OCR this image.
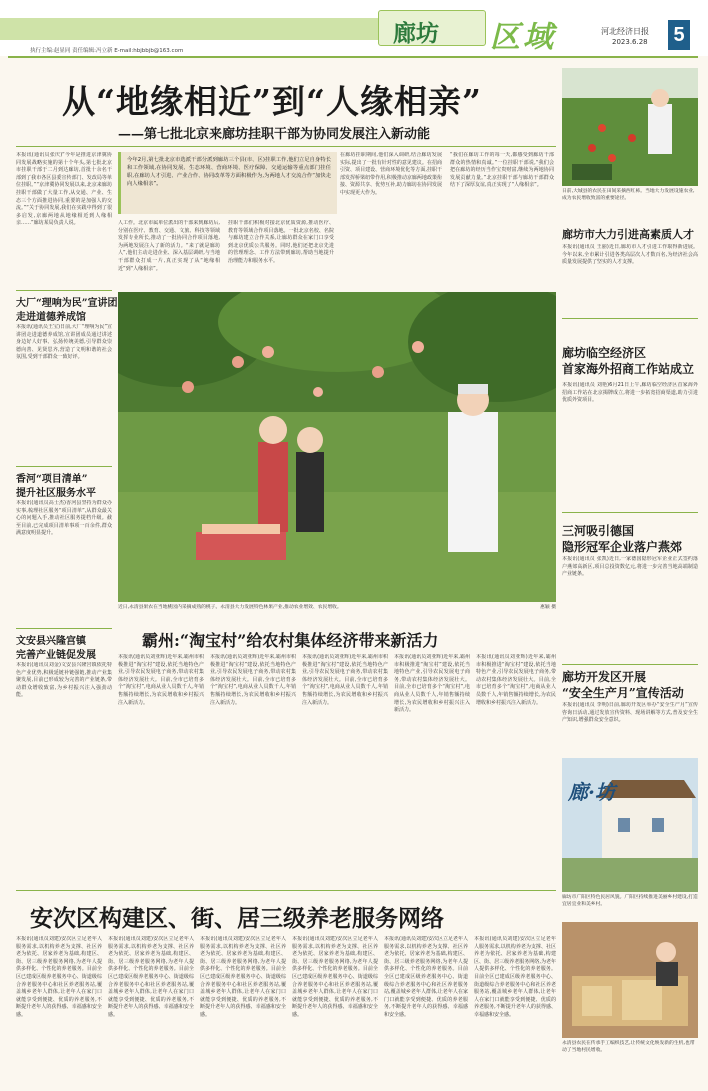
廊坊 区域	河北经济日报
2023.6.28 5
执行主编:赵显同 责任编辑:冯立新 E-mail:hbjbbjb@163.com
从“地缘相近”到“人缘相亲”
——第七批北京来廊坊挂职干部为协同发展注入新动能
本报讯(通讯员张庆)“今年是推进京津冀协同发展战略实施的第十个年头,第七批北京市挂职干部于二月到达廊坊,首批十余名干部到了我市各区县委宣传部门、发改局等单位挂职。”“京津冀协同发展以来,北京来廊坊挂职干部做了大量工作,从交通、产业、生态三个方面推进协同,重要的是加强人的交流。”“关于协同发展,我们在实践中得到了很多启发,京廊两地从地缘相近到人缘相亲……”廊坊某局负责人说。
今年2月,第七批北京市选派干部分派到廊坊三个县(市、区)挂职工作,他们立足自身特长和工作领域,在协同发展、生态环境、营商环境、医疗保障、交通运输等重点部门挂任职,在廊坊人才引进、产业合作、协同改革等方面积极作为,为两地人才交流合作“加快走向人缘相亲”。
人工作。北京市属单位派出的干部来到廊坊后,分别在医疗、教育、交通、文旅、科技等领域发挥专业所长,推动了一批协同合作项目落地,为两地发展注入了新的活力。“来了就是廊坊人”,他们主动走进企业、深入基层调研,与当地干部群众打成一片,真正实现了从“地缘相近”到“人缘相亲”。
挂职干部们积极对接北京优质资源,推动医疗、教育等领域合作项目落地。一批北京名校、名院与廊坊建立合作关系,让廊坊群众在家门口享受到北京优质公共服务。同时,他们还把北京先进的管理理念、工作方法带到廊坊,帮助当地提升治理能力和服务水平。
在廊坊挂职期间,他们深入调研,结合廊坊发展实际,提出了一批有针对性的意见建议。在招商引资、项目建设、营商环境优化等方面,挂职干部发挥桥梁纽带作用,积极推动京廊两地政策衔接、资源共享、优势互补,助力廊坊在协同发展中实现更大作为。
“我们在廊坊工作的每一天,都感受到廊坊干部群众的热情和真诚。”一位挂职干部说,“我们会把在廊坊的经历当作宝贵财富,继续为两地协同发展贡献力量。”北京挂职干部与廊坊干部群众结下了深厚友谊,真正实现了“人缘相亲”。
大厂“理响为民”宣讲团
走进道德养成馆
本报讯(通讯员王宝)日前,大厂“理响为民”宣讲团走进道德养成馆,宣讲团成员通过讲述身边好人好事、弘扬传统美德,引导群众崇德向善、见贤思齐,营造了文明和谐的社会氛围,受到干部群众一致好评。
香河“项目清单”
提升社区服务水平
本报讯(通讯员高士杰)香河县坚持为群众办实事,梳理社区服务“项目清单”,从群众最关心的问题入手,推动社区服务提档升级。截至目前,已完成项目清单事项一百余件,群众满意度明显提升。
文安县兴隆宫镇
完善产业链促发展
本报讯(通讯员刘金)文安县兴隆宫镇依托特色产业优势,积极延链补链强链,推动产业集聚发展,目前已形成较为完善的产业链条,带动群众增收致富,为乡村振兴注入强劲动能。
近日,永清县果农在当地桃园内采摘成熟的桃子。永清县大力发展特色林果产业,推动农业增效、农民增收。	惠颖 摄
霸州:“淘宝村”给农村集体经济带来新活力
本报讯(通讯员刘亚辉)近年来,霸州市积极推进“淘宝村”建设,依托当地特色产业,引导农民发展电子商务,带动农村集体经济发展壮大。目前,全市已培育多个“淘宝村”,电商从业人员数千人,年销售额持续增长,为农民增收和乡村振兴注入新活力。
本报讯(通讯员刘亚辉)近年来,霸州市积极推进“淘宝村”建设,依托当地特色产业,引导农民发展电子商务,带动农村集体经济发展壮大。目前,全市已培育多个“淘宝村”,电商从业人员数千人,年销售额持续增长,为农民增收和乡村振兴注入新活力。
本报讯(通讯员刘亚辉)近年来,霸州市积极推进“淘宝村”建设,依托当地特色产业,引导农民发展电子商务,带动农村集体经济发展壮大。目前,全市已培育多个“淘宝村”,电商从业人员数千人,年销售额持续增长,为农民增收和乡村振兴注入新活力。
本报讯(通讯员刘亚辉)近年来,霸州市积极推进“淘宝村”建设,依托当地特色产业,引导农民发展电子商务,带动农村集体经济发展壮大。目前,全市已培育多个“淘宝村”,电商从业人员数千人,年销售额持续增长,为农民增收和乡村振兴注入新活力。
本报讯(通讯员刘亚辉)近年来,霸州市积极推进“淘宝村”建设,依托当地特色产业,引导农民发展电子商务,带动农村集体经济发展壮大。目前,全市已培育多个“淘宝村”,电商从业人员数千人,年销售额持续增长,为农民增收和乡村振兴注入新活力。
日前,大城县的农民在田间采摘西红柿。当地大力发展设施农业,成为农民增收致富的重要途径。
廊坊市大力引进高素质人才
本报讯(通讯员 王丽)近日,廊坊市人才引进工作取得新进展。今年以来,全市累计引进各类高层次人才数百名,为经济社会高质量发展提供了坚实的人才支撑。
廊坊临空经济区
首家海外招商工作站成立
本报讯(通讯员 刘艳)6月21日上午,廊坊临空经济区首家海外招商工作站在北京揭牌成立,将进一步拓宽招商渠道,助力引进优质外资项目。
三河吸引德国
隐形冠军企业落户燕郊
本报讯(通讯员 张凯)近日,一家德国隐形冠军企业正式签约落户燕郊高新区,项目总投资数亿元,将进一步完善当地高端制造产业链条。
廊坊开发区开展
“安全生产月”宣传活动
本报讯(通讯员 李明)日前,廊坊开发区举办“安全生产月”宣传咨询日活动,通过发放宣传资料、现场讲解等方式,普及安全生产知识,增强群众安全意识。
廊·坊
廊坊市广阳区特色民居风貌。广阳区持续推进美丽乡村建设,打造宜居宜业和美乡村。
永清县农民在传承手工编织技艺,让传统文化焕发新的生机,也带动了当地村民增收。
安次区构建区、街、居三级养老服务网络
本报讯(通讯员刘建)安次区立足老年人服务需求,以机构养老为支撑、社区养老为依托、居家养老为基础,构建区、街、居三级养老服务网络,为老年人提供多样化、个性化的养老服务。目前全区已建成区级养老服务中心、街道级综合养老服务中心和社区养老服务站,覆盖城乡老年人群体,让老年人在家门口就能享受到便捷、优质的养老服务,不断提升老年人的获得感、幸福感和安全感。
本报讯(通讯员刘建)安次区立足老年人服务需求,以机构养老为支撑、社区养老为依托、居家养老为基础,构建区、街、居三级养老服务网络,为老年人提供多样化、个性化的养老服务。目前全区已建成区级养老服务中心、街道级综合养老服务中心和社区养老服务站,覆盖城乡老年人群体,让老年人在家门口就能享受到便捷、优质的养老服务,不断提升老年人的获得感、幸福感和安全感。
本报讯(通讯员刘建)安次区立足老年人服务需求,以机构养老为支撑、社区养老为依托、居家养老为基础,构建区、街、居三级养老服务网络,为老年人提供多样化、个性化的养老服务。目前全区已建成区级养老服务中心、街道级综合养老服务中心和社区养老服务站,覆盖城乡老年人群体,让老年人在家门口就能享受到便捷、优质的养老服务,不断提升老年人的获得感、幸福感和安全感。
本报讯(通讯员刘建)安次区立足老年人服务需求,以机构养老为支撑、社区养老为依托、居家养老为基础,构建区、街、居三级养老服务网络,为老年人提供多样化、个性化的养老服务。目前全区已建成区级养老服务中心、街道级综合养老服务中心和社区养老服务站,覆盖城乡老年人群体,让老年人在家门口就能享受到便捷、优质的养老服务,不断提升老年人的获得感、幸福感和安全感。
本报讯(通讯员刘建)安次区立足老年人服务需求,以机构养老为支撑、社区养老为依托、居家养老为基础,构建区、街、居三级养老服务网络,为老年人提供多样化、个性化的养老服务。目前全区已建成区级养老服务中心、街道级综合养老服务中心和社区养老服务站,覆盖城乡老年人群体,让老年人在家门口就能享受到便捷、优质的养老服务,不断提升老年人的获得感、幸福感和安全感。
本报讯(通讯员刘建)安次区立足老年人服务需求,以机构养老为支撑、社区养老为依托、居家养老为基础,构建区、街、居三级养老服务网络,为老年人提供多样化、个性化的养老服务。目前全区已建成区级养老服务中心、街道级综合养老服务中心和社区养老服务站,覆盖城乡老年人群体,让老年人在家门口就能享受到便捷、优质的养老服务,不断提升老年人的获得感、幸福感和安全感。
